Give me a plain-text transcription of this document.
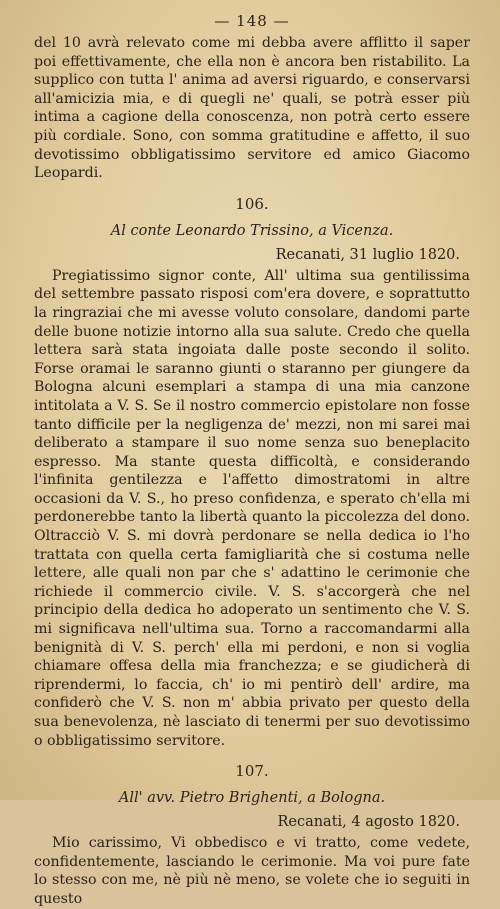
— 148 —

del 10 avrà relevato come mi debba avere afflitto il saper poi effettivamente, che ella non è ancora ben ristabilito. La supplico con tutta l' anima ad aversi riguardo, e conservarsi all'amicizia mia, e di quegli ne' quali, se potrà esser più intima a cagione della conoscenza, non potrà certo essere più cordiale. Sono, con somma gratitudine e affetto, il suo devotissimo obbligatissimo servitore ed amico Giacomo Leopardi.

106.
Al conte Leonardo Trissino, a Vicenza.
Recanati, 31 luglio 1820.

Pregiatissimo signor conte, All' ultima sua gentilissima del settembre passato risposi com'era dovere, e soprattutto la ringraziai che mi avesse voluto consolare, dandomi parte delle buone notizie intorno alla sua salute. Credo che quella lettera sarà stata ingoiata dalle poste secondo il solito. Forse oramai le saranno giunti o staranno per giungere da Bologna alcuni esemplari a stampa di una mia canzone intitolata a V. S. Se il nostro commercio epistolare non fosse tanto difficile per la negligenza de' mezzi, non mi sarei mai deliberato a stampare il suo nome senza suo beneplacito espresso. Ma stante questa difficoltà, e considerando l'infinita gentilezza e l'affetto dimostratomi in altre occasioni da V. S., ho preso confidenza, e sperato ch'ella mi perdonerebbe tanto la libertà quanto la piccolezza del dono. Oltracciò V. S. mi dovrà perdonare se nella dedica io l'ho trattata con quella certa famigliarità che si costuma nelle lettere, alle quali non par che s' adattino le cerimonie che richiede il commercio civile. V. S. s'accorgerà che nel principio della dedica ho adoperato un sentimento che V. S. mi significava nell'ultima sua. Torno a raccomandarmi alla benignità di V. S. perch' ella mi perdoni, e non si voglia chiamare offesa della mia franchezza; e se giudicherà di riprendermi, lo faccia, ch' io mi pentirò dell' ardire, ma confiderò che V. S. non m' abbia privato per questo della sua benevolenza, nè lasciato di tenermi per suo devotissimo o obbligatissimo servitore.

107.
All' avv. Pietro Brighenti, a Bologna.
Recanati, 4 agosto 1820.

Mio carissimo, Vi obbedisco e vi tratto, come vedete, confidentemente, lasciando le cerimonie. Ma voi pure fate lo stesso con me, nè più nè meno, se volete che io seguiti in questo
